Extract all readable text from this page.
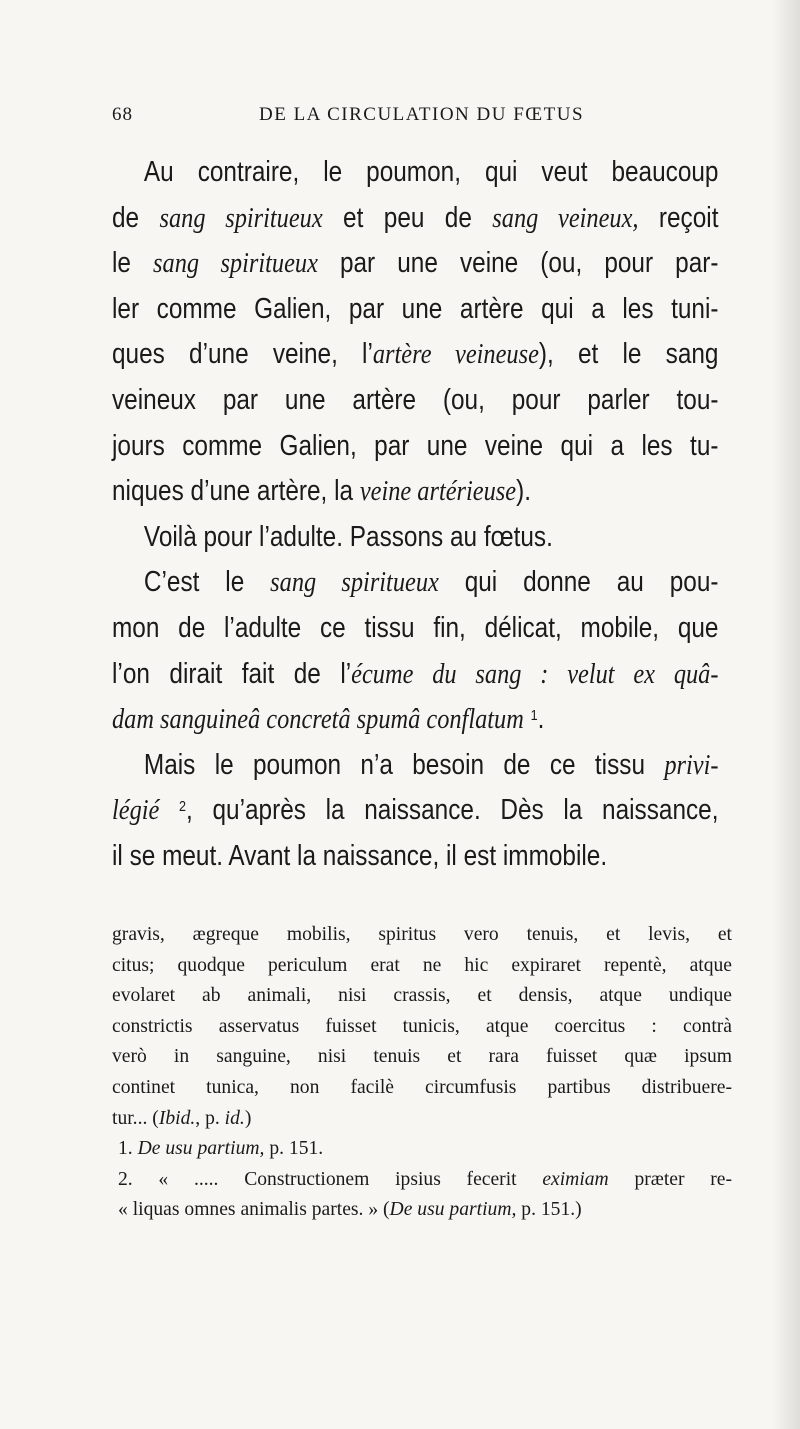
68	DE LA CIRCULATION DU FŒTUS
Au contraire, le poumon, qui veut beaucoup
de sang spiritueux et peu de sang veineux, reçoit
le sang spiritueux par une veine (ou, pour par-
ler comme Galien, par une artère qui a les tuni-
ques d’une veine, l’artère veineuse), et le sang
veineux par une artère (ou, pour parler tou-
jours comme Galien, par une veine qui a les tu-
niques d’une artère, la veine artérieuse).
Voilà pour l’adulte. Passons au fœtus.
C’est le sang spiritueux qui donne au pou-
mon de l’adulte ce tissu fin, délicat, mobile, que
l’on dirait fait de l’écume du sang : velut ex quâ-
dam sanguineâ concretâ spumâ conflatum $^1$.
Mais le poumon n’a besoin de ce tissu privi-
légié $^2$, qu’après la naissance. Dès la naissance,
il se meut. Avant la naissance, il est immobile.
gravis, ægreque mobilis, spiritus vero tenuis, et levis, et
citus; quodque periculum erat ne hic expiraret repentè, atque
evolaret ab animali, nisi crassis, et densis, atque undique
constrictis asservatus fuisset tunicis, atque coercitus : contrà
verò in sanguine, nisi tenuis et rara fuisset quæ ipsum
continet tunica, non facilè circumfusis partibus distribuere-
tur... (Ibid., p. id.)
1. De usu partium, p. 151.
2. « ..... Constructionem ipsius fecerit eximiam præter re-
« liquas omnes animalis partes. » (De usu partium, p. 151.)
